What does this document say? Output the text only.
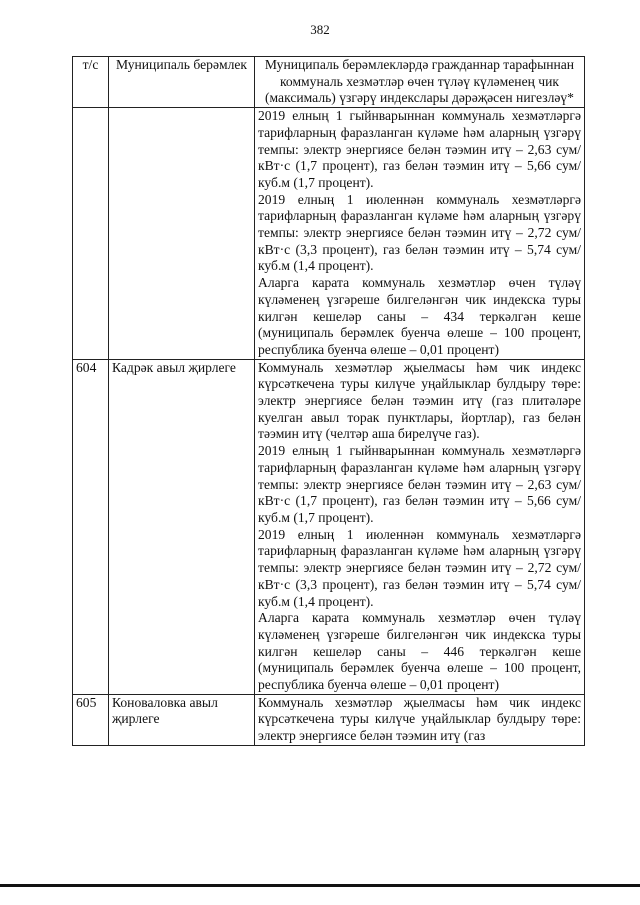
382
т/с	Муниципаль берәмлек	Муниципаль берәмлекләрдә гражданнар тарафыннан коммуналь хезмәтләр өчен түләү күләменең чик (максималь) үзгәрү индекслары дәрәҗәсен нигезләү*

		2019 елның 1 гыйнварыннан коммуналь хезмәтләргә тарифларның фаразланган күләме һәм аларның үзгәрү темпы: электр энергиясе белән тәэмин итү – 2,63 сум/кВт·с (1,7 процент), газ белән тәэмин итү – 5,66 сум/куб.м (1,7 процент).

2019 елның 1 июленнән коммуналь хезмәтләргә тарифларның фаразланган күләме һәм аларның үзгәрү темпы: электр энергиясе белән тәэмин итү – 2,72 сум/кВт·с (3,3 процент), газ белән тәэмин итү – 5,74 сум/куб.м (1,4 процент).

Аларга карата коммуналь хезмәтләр өчен түләү күләменең үзгәреше билгеләнгән чик индекска туры килгән кешеләр саны – 434 теркәлгән кеше (муниципаль берәмлек буенча өлеше – 100 процент, республика буенча өлеше – 0,01 процент)

604	Кадрәк авыл җирлеге	Коммуналь хезмәтләр җыелмасы һәм чик индекс күрсәткечена туры килүче уңайлыклар булдыру төре: электр энергиясе белән тәэмин итү (газ плитәләре куелган авыл торак пунктлары, йортлар), газ белән тәэмин итү (челтәр аша бирелүче газ).

2019 елның 1 гыйнварыннан коммуналь хезмәтләргә тарифларның фаразланган күләме һәм аларның үзгәрү темпы: электр энергиясе белән тәэмин итү – 2,63 сум/кВт·с (1,7 процент), газ белән тәэмин итү – 5,66 сум/куб.м (1,7 процент).

2019 елның 1 июленнән коммуналь хезмәтләргә тарифларның фаразланган күләме һәм аларның үзгәрү темпы: электр энергиясе белән тәэмин итү – 2,72 сум/кВт·с (3,3 процент), газ белән тәэмин итү – 5,74 сум/куб.м (1,4 процент).

Аларга карата коммуналь хезмәтләр өчен түләү күләменең үзгәреше билгеләнгән чик индекска туры килгән кешеләр саны – 446 теркәлгән кеше (муниципаль берәмлек буенча өлеше – 100 процент, республика буенча өлеше – 0,01 процент)

605	Коноваловка авыл җирлеге	Коммуналь хезмәтләр җыелмасы һәм чик индекс күрсәткечена туры килүче уңайлыклар булдыру төре: электр энергиясе белән тәэмин итү (газ
